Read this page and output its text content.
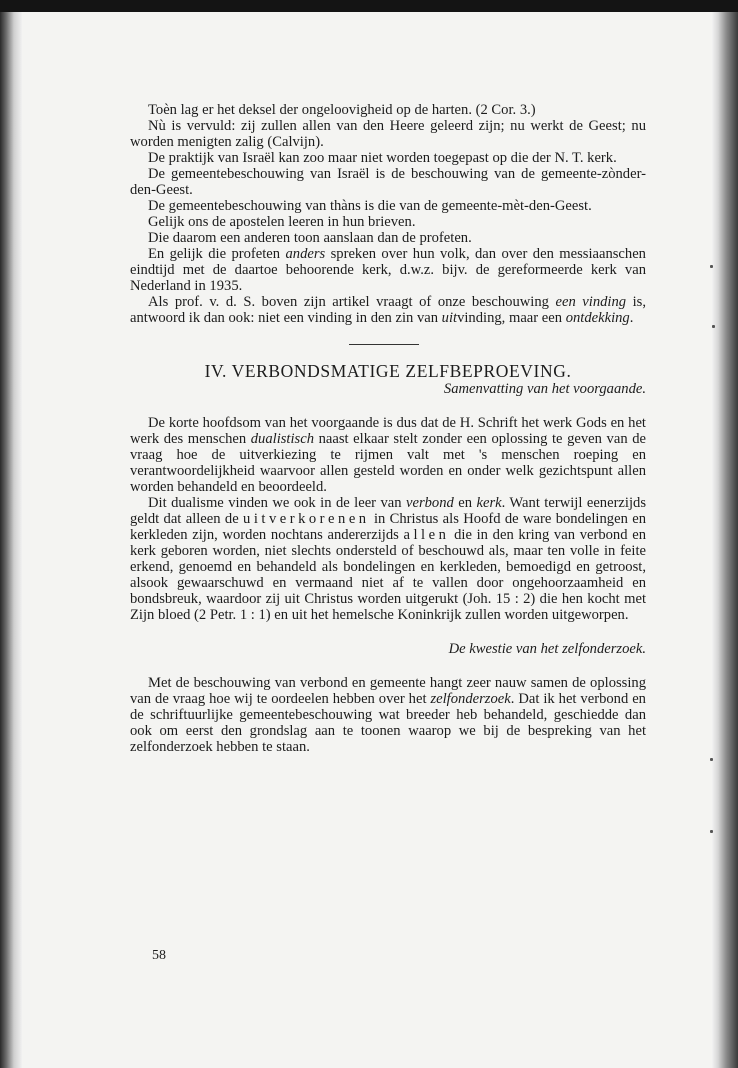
Toèn lag er het deksel der ongeloovigheid op de harten. (2 Cor. 3.)

Nù is vervuld: zij zullen allen van den Heere geleerd zijn; nu werkt de Geest; nu worden menigten zalig (Calvijn).

De praktijk van Israël kan zoo maar niet worden toegepast op die der N. T. kerk.

De gemeentebeschouwing van Israël is de beschouwing van de gemeente-zònder-den-Geest.

De gemeentebeschouwing van thàns is die van de gemeente-mèt-den-Geest.

Gelijk ons de apostelen leeren in hun brieven.

Die daarom een anderen toon aanslaan dan de profeten.

En gelijk die profeten anders spreken over hun volk, dan over den messiaanschen eindtijd met de daartoe behoorende kerk, d.w.z. bijv. de gereformeerde kerk van Nederland in 1935.

Als prof. v. d. S. boven zijn artikel vraagt of onze beschouwing een vinding is, antwoord ik dan ook: niet een vinding in den zin van uitvinding, maar een ontdekking.

IV. VERBONDSMATIGE ZELFBEPROEVING.

Samenvatting van het voorgaande.

De korte hoofdsom van het voorgaande is dus dat de H. Schrift het werk Gods en het werk des menschen dualistisch naast elkaar stelt zonder een oplossing te geven van de vraag hoe de uitverkiezing te rijmen valt met 's menschen roeping en verantwoordelijkheid waarvoor allen gesteld worden en onder welk gezichtspunt allen worden behandeld en beoordeeld.

Dit dualisme vinden we ook in de leer van verbond en kerk. Want terwijl eenerzijds geldt dat alleen de uitverkorenen in Christus als Hoofd de ware bondelingen en kerkleden zijn, worden nochtans andererzijds allen die in den kring van verbond en kerk geboren worden, niet slechts ondersteld of beschouwd als, maar ten volle in feite erkend, genoemd en behandeld als bondelingen en kerkleden, bemoedigd en getroost, alsook gewaarschuwd en vermaand niet af te vallen door ongehoorzaamheid en bondsbreuk, waardoor zij uit Christus worden uitgerukt (Joh. 15 : 2) die hen kocht met Zijn bloed (2 Petr. 1 : 1) en uit het hemelsche Koninkrijk zullen worden uitgeworpen.

De kwestie van het zelfonderzoek.

Met de beschouwing van verbond en gemeente hangt zeer nauw samen de oplossing van de vraag hoe wij te oordeelen hebben over het zelfonderzoek. Dat ik het verbond en de schriftuurlijke gemeentebeschouwing wat breeder heb behandeld, geschiedde dan ook om eerst den grondslag aan te toonen waarop we bij de bespreking van het zelfonderzoek hebben te staan.

58
